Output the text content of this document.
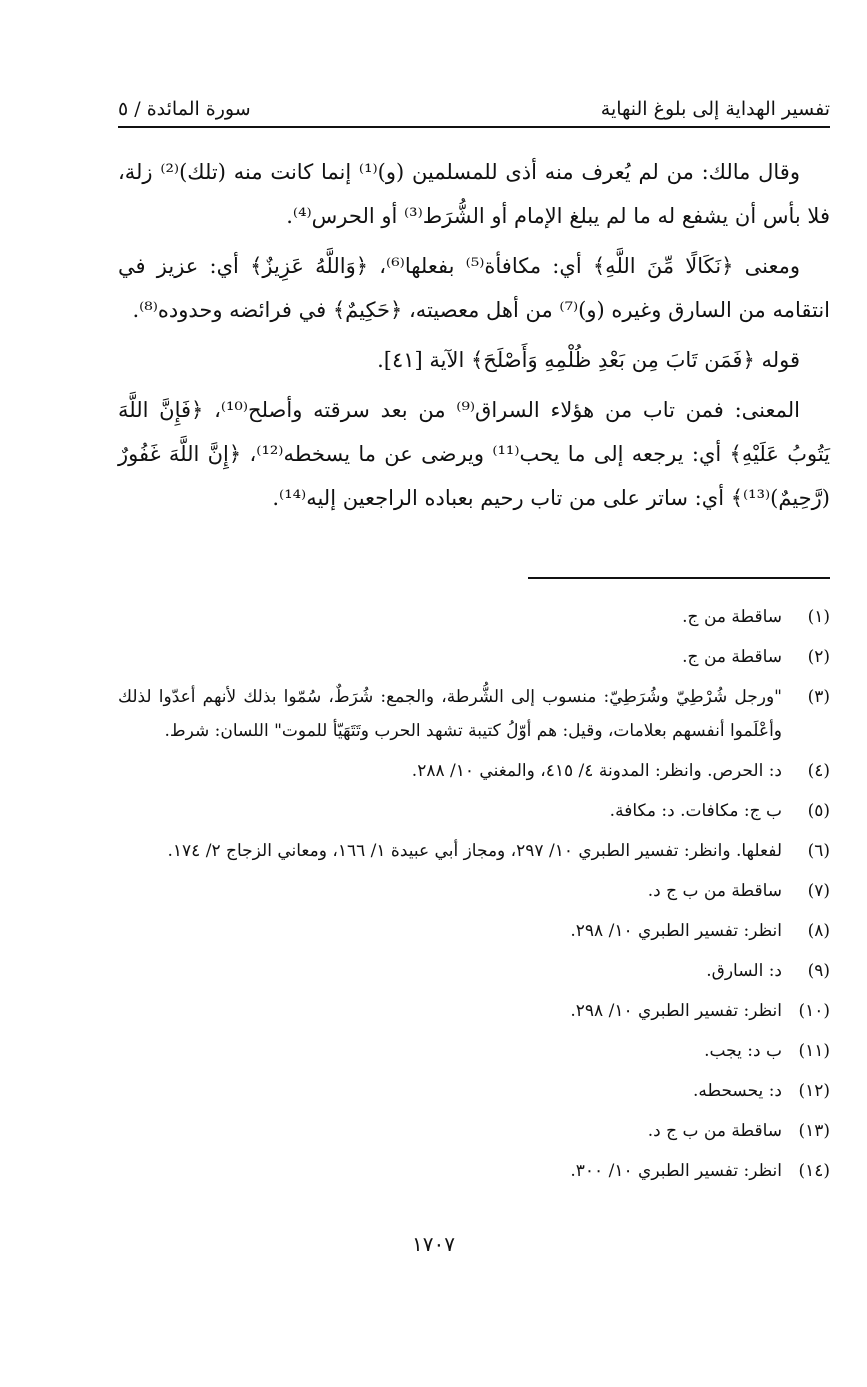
تفسير الهداية إلى بلوغ النهاية
سورة المائدة / ٥

وقال مالك: من لم يُعرف منه أذى للمسلمين (و)⁽¹⁾ إنما كانت منه (تلك)⁽²⁾ زلة، فلا بأس أن يشفع له ما لم يبلغ الإمام أو الشُّرَط⁽³⁾ أو الحرس⁽⁴⁾.

ومعنى ﴿نَكَالًا مِّنَ اللَّهِ﴾ أي: مكافأة⁽⁵⁾ بفعلها⁽⁶⁾، ﴿وَاللَّهُ عَزِيزٌ﴾ أي: عزيز في انتقامه من السارق وغيره (و)⁽⁷⁾ من أهل معصيته، ﴿حَكِيمٌ﴾ في فرائضه وحدوده⁽⁸⁾.

قوله ﴿فَمَن تَابَ مِن بَعْدِ ظُلْمِهِ وَأَصْلَحَ﴾ الآية [٤١].

المعنى: فمن تاب من هؤلاء السراق⁽⁹⁾ من بعد سرقته وأصلح⁽¹⁰⁾، ﴿فَإِنَّ اللَّهَ يَتُوبُ عَلَيْهِ﴾ أي: يرجعه إلى ما يحب⁽¹¹⁾ ويرضى عن ما يسخطه⁽¹²⁾، ﴿إِنَّ اللَّهَ غَفُورٌ (رَّحِيمٌ)⁽¹³⁾﴾ أي: ساتر على من تاب رحيم بعباده الراجعين إليه⁽¹⁴⁾.

(١)
ساقطة من ج.
(٢)
ساقطة من ج.
(٣)
"ورجل شُرْطِيّ وشُرَطِيّ: منسوب إلى الشُّرطة، والجمع: شُرَطٌ، سُمّوا بذلك لأنهم أعدّوا لذلك وأعْلَموا أنفسهم بعلامات، وقيل: هم أوّلُ كتيبة تشهد الحرب وتَتَهَيّأ للموت" اللسان: شرط.
(٤)
د: الحرص. وانظر: المدونة ٤/ ٤١٥، والمغني ١٠/ ٢٨٨.
(٥)
ب ج: مكافات. د: مكافة.
(٦)
لفعلها. وانظر: تفسير الطبري ١٠/ ٢٩٧، ومجاز أبي عبيدة ١/ ١٦٦، ومعاني الزجاج ٢/ ١٧٤.
(٧)
ساقطة من ب ج د.
(٨)
انظر: تفسير الطبري ١٠/ ٢٩٨.
(٩)
د: السارق.
(١٠)
انظر: تفسير الطبري ١٠/ ٢٩٨.
(١١)
ب د: يجب.
(١٢)
د: يحسحطه.
(١٣)
ساقطة من ب ج د.
(١٤)
انظر: تفسير الطبري ١٠/ ٣٠٠.
١٧٠٧
